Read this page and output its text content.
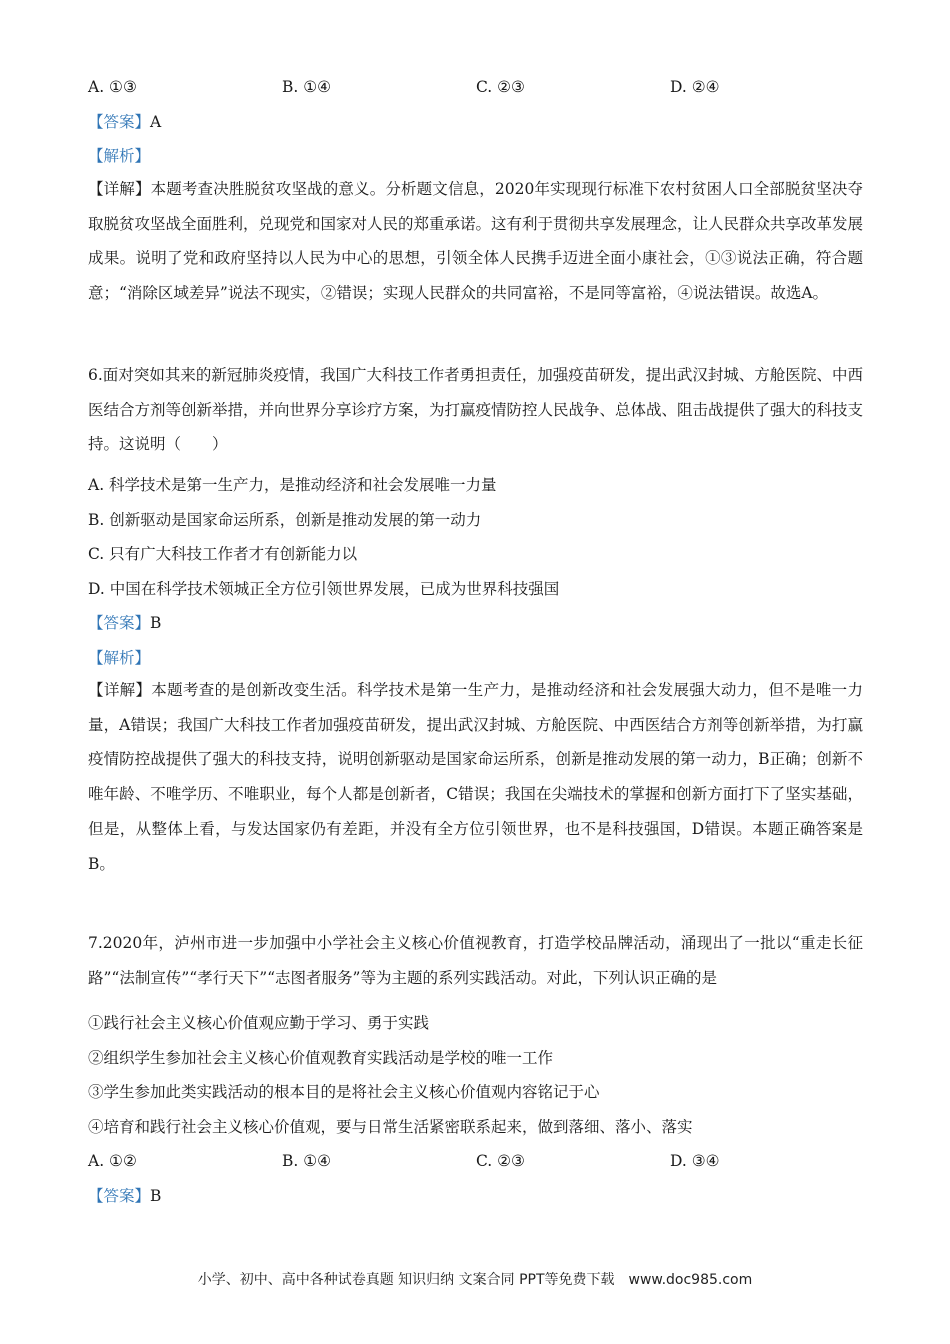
A. ①③	B. ①④	C. ②③	D. ②④
【答案】A
【解析】
【详解】本题考查决胜脱贫攻坚战的意义。分析题文信息，2020年实现现行标准下农村贫困人口全部脱贫坚决夺取脱贫攻坚战全面胜利，兑现党和国家对人民的郑重承诺。这有利于贯彻共享发展理念，让人民群众共享改革发展成果。说明了党和政府坚持以人民为中心的思想，引领全体人民携手迈进全面小康社会，①③说法正确，符合题意；“消除区域差异”说法不现实，②错误；实现人民群众的共同富裕，不是同等富裕，④说法错误。故选A。
6.面对突如其来的新冠肺炎疫情，我国广大科技工作者勇担责任，加强疫苗研发，提出武汉封城、方舱医院、中西医结合方剂等创新举措，并向世界分享诊疗方案，为打赢疫情防控人民战争、总体战、阻击战提供了强大的科技支持。这说明（　　）
A. 科学技术是第一生产力，是推动经济和社会发展唯一力量
B. 创新驱动是国家命运所系，创新是推动发展的第一动力
C. 只有广大科技工作者才有创新能力以
D. 中国在科学技术领城正全方位引领世界发展，已成为世界科技强国
【答案】B
【解析】
【详解】本题考查的是创新改变生活。科学技术是第一生产力，是推动经济和社会发展强大动力，但不是唯一力量，A错误；我国广大科技工作者加强疫苗研发，提出武汉封城、方舱医院、中西医结合方剂等创新举措，为打赢疫情防控战提供了强大的科技支持，说明创新驱动是国家命运所系，创新是推动发展的第一动力，B正确；创新不唯年龄、不唯学历、不唯职业，每个人都是创新者，C错误；我国在尖端技术的掌握和创新方面打下了坚实基础，但是，从整体上看，与发达国家仍有差距，并没有全方位引领世界，也不是科技强国，D错误。本题正确答案是B。
7.2020年，泸州市进一步加强中小学社会主义核心价值视教育，打造学校品牌活动，涌现出了一批以“重走长征路”“法制宣传”“孝行天下”“志图者服务”等为主题的系列实践活动。对此，下列认识正确的是
①践行社会主义核心价值观应勤于学习、勇于实践
②组织学生参加社会主义核心价值观教育实践活动是学校的唯一工作
③学生参加此类实践活动的根本目的是将社会主义核心价值观内容铭记于心
④培育和践行社会主义核心价值观，要与日常生活紧密联系起来，做到落细、落小、落实
A. ①②	B. ①④	C. ②③	D. ③④
【答案】B
小学、初中、高中各种试卷真题 知识归纳 文案合同 PPT等免费下载　www.doc985.com
